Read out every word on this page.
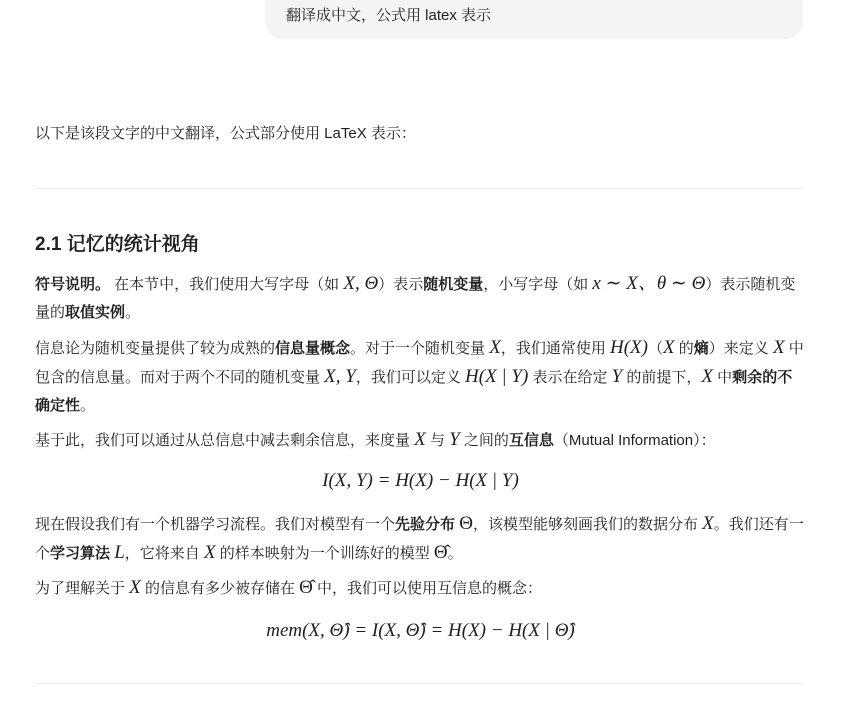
翻译成中文，公式用 latex 表示
以下是该段文字的中文翻译，公式部分使用 LaTeX 表示：
2.1 记忆的统计视角
符号说明。 在本节中，我们使用大写字母（如 X, Θ）表示随机变量，小写字母（如 x ∼ X、θ ∼ Θ）表示随机变量的取值实例。
信息论为随机变量提供了较为成熟的信息量概念。对于一个随机变量 X，我们通常使用 H(X)（X 的熵）来定义 X 中包含的信息量。而对于两个不同的随机变量 X, Y，我们可以定义 H(X | Y) 表示在给定 Y 的前提下，X 中剩余的不确定性。
基于此，我们可以通过从总信息中减去剩余信息，来度量 X 与 Y 之间的互信息（Mutual Information）：
I(X, Y) = H(X) − H(X | Y)
现在假设我们有一个机器学习流程。我们对模型有一个先验分布 Θ，该模型能够刻画我们的数据分布 X。我们还有一个学习算法 L，它将来自 X 的样本映射为一个训练好的模型 Θ̂。
为了理解关于 X 的信息有多少被存储在 Θ̂ 中，我们可以使用互信息的概念：
mem(X, Θ̂) = I(X, Θ̂) = H(X) − H(X | Θ̂)
